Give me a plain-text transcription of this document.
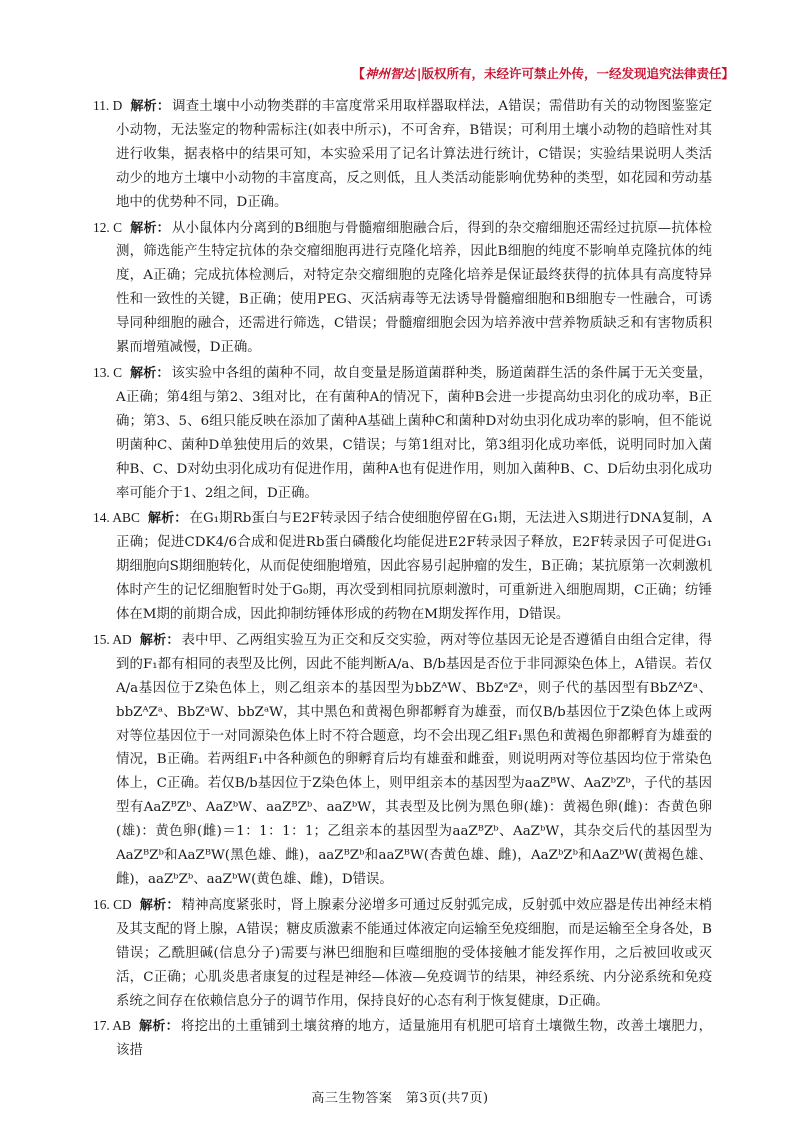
【神州智达 |版权所有，未经许可禁止外传，一经发现追究法律责任】

11. D 解析： 调查土壤中小动物类群的丰富度常采用取样器取样法，A错误；需借助有关的动物图鉴鉴定小动物，无法鉴定的物种需标注(如表中所示)，不可舍弃，B错误；可利用土壤小动物的趋暗性对其进行收集，据表格中的结果可知，本实验采用了记名计算法进行统计，C错误；实验结果说明人类活动少的地方土壤中小动物的丰富度高，反之则低，且人类活动能影响优势种的类型，如花园和劳动基地中的优势种不同，D正确。

12. C 解析： 从小鼠体内分离到的B细胞与骨髓瘤细胞融合后，得到的杂交瘤细胞还需经过抗原—抗体检测，筛选能产生特定抗体的杂交瘤细胞再进行克隆化培养，因此B细胞的纯度不影响单克隆抗体的纯度，A正确；完成抗体检测后，对特定杂交瘤细胞的克隆化培养是保证最终获得的抗体具有高度特异性和一致性的关键，B正确；使用PEG、灭活病毒等无法诱导骨髓瘤细胞和B细胞专一性融合，可诱导同种细胞的融合，还需进行筛选，C错误；骨髓瘤细胞会因为培养液中营养物质缺乏和有害物质积累而增殖减慢，D正确。

13. C 解析： 该实验中各组的菌种不同，故自变量是肠道菌群种类，肠道菌群生活的条件属于无关变量，A正确；第4组与第2、3组对比，在有菌种A的情况下，菌种B会进一步提高幼虫羽化的成功率，B正确；第3、5、6组只能反映在添加了菌种A基础上菌种C和菌种D对幼虫羽化成功率的影响，但不能说明菌种C、菌种D单独使用后的效果，C错误；与第1组对比，第3组羽化成功率低，说明同时加入菌种B、C、D对幼虫羽化成功有促进作用，菌种A也有促进作用，则加入菌种B、C、D后幼虫羽化成功率可能介于1、2组之间，D正确。

14. ABC 解析： 在G₁期Rb蛋白与E2F转录因子结合使细胞停留在G₁期，无法进入S期进行DNA复制，A正确；促进CDK4/6合成和促进Rb蛋白磷酸化均能促进E2F转录因子释放，E2F转录因子可促进G₁期细胞向S期细胞转化，从而促使细胞增殖，因此容易引起肿瘤的发生，B正确；某抗原第一次刺激机体时产生的记忆细胞暂时处于G₀期，再次受到相同抗原刺激时，可重新进入细胞周期，C正确；纺锤体在M期的前期合成，因此抑制纺锤体形成的药物在M期发挥作用，D错误。

15. AD 解析： 表中甲、乙两组实验互为正交和反交实验，两对等位基因无论是否遵循自由组合定律，得到的F₁都有相同的表型及比例，因此不能判断A/a、B/b基因是否位于非同源染色体上，A错误。若仅A/a基因位于Z染色体上，则乙组亲本的基因型为bbZᴬW、BbZᵃZᵃ，则子代的基因型有BbZᴬZᵃ、bbZᴬZᵃ、BbZᵃW、bbZᵃW，其中黑色和黄褐色卵都孵育为雄蚕，而仅B/b基因位于Z染色体上或两对等位基因位于一对同源染色体上时不符合题意，均不会出现乙组F₁黑色和黄褐色卵都孵育为雄蚕的情况，B正确。若两组F₁中各种颜色的卵孵育后均有雄蚕和雌蚕，则说明两对等位基因均位于常染色体上，C正确。若仅B/b基因位于Z染色体上，则甲组亲本的基因型为aaZᴮW、AaZᵇZᵇ，子代的基因型有AaZᴮZᵇ、AaZᵇW、aaZᴮZᵇ、aaZᵇW，其表型及比例为黑色卵(雄)：黄褐色卵(雌)：杏黄色卵(雄)：黄色卵(雌)＝1：1：1：1；乙组亲本的基因型为aaZᴮZᵇ、AaZᵇW，其杂交后代的基因型为AaZᴮZᵇ和AaZᴮW(黑色雄、雌)，aaZᴮZᵇ和aaZᴮW(杏黄色雄、雌)，AaZᵇZᵇ和AaZᵇW(黄褐色雄、雌)，aaZᵇZᵇ、aaZᵇW(黄色雄、雌)，D错误。

16. CD 解析： 精神高度紧张时，肾上腺素分泌增多可通过反射弧完成，反射弧中效应器是传出神经末梢及其支配的肾上腺，A错误；糖皮质激素不能通过体液定向运输至免疫细胞，而是运输至全身各处，B错误；乙酰胆碱(信息分子)需要与淋巴细胞和巨噬细胞的受体接触才能发挥作用，之后被回收或灭活，C正确；心肌炎患者康复的过程是神经—体液—免疫调节的结果，神经系统、内分泌系统和免疫系统之间存在依赖信息分子的调节作用，保持良好的心态有利于恢复健康，D正确。

17. AB 解析： 将挖出的土重铺到土壤贫瘠的地方，适量施用有机肥可培育土壤微生物，改善土壤肥力，该措

高三生物答案　第3页(共7页)
